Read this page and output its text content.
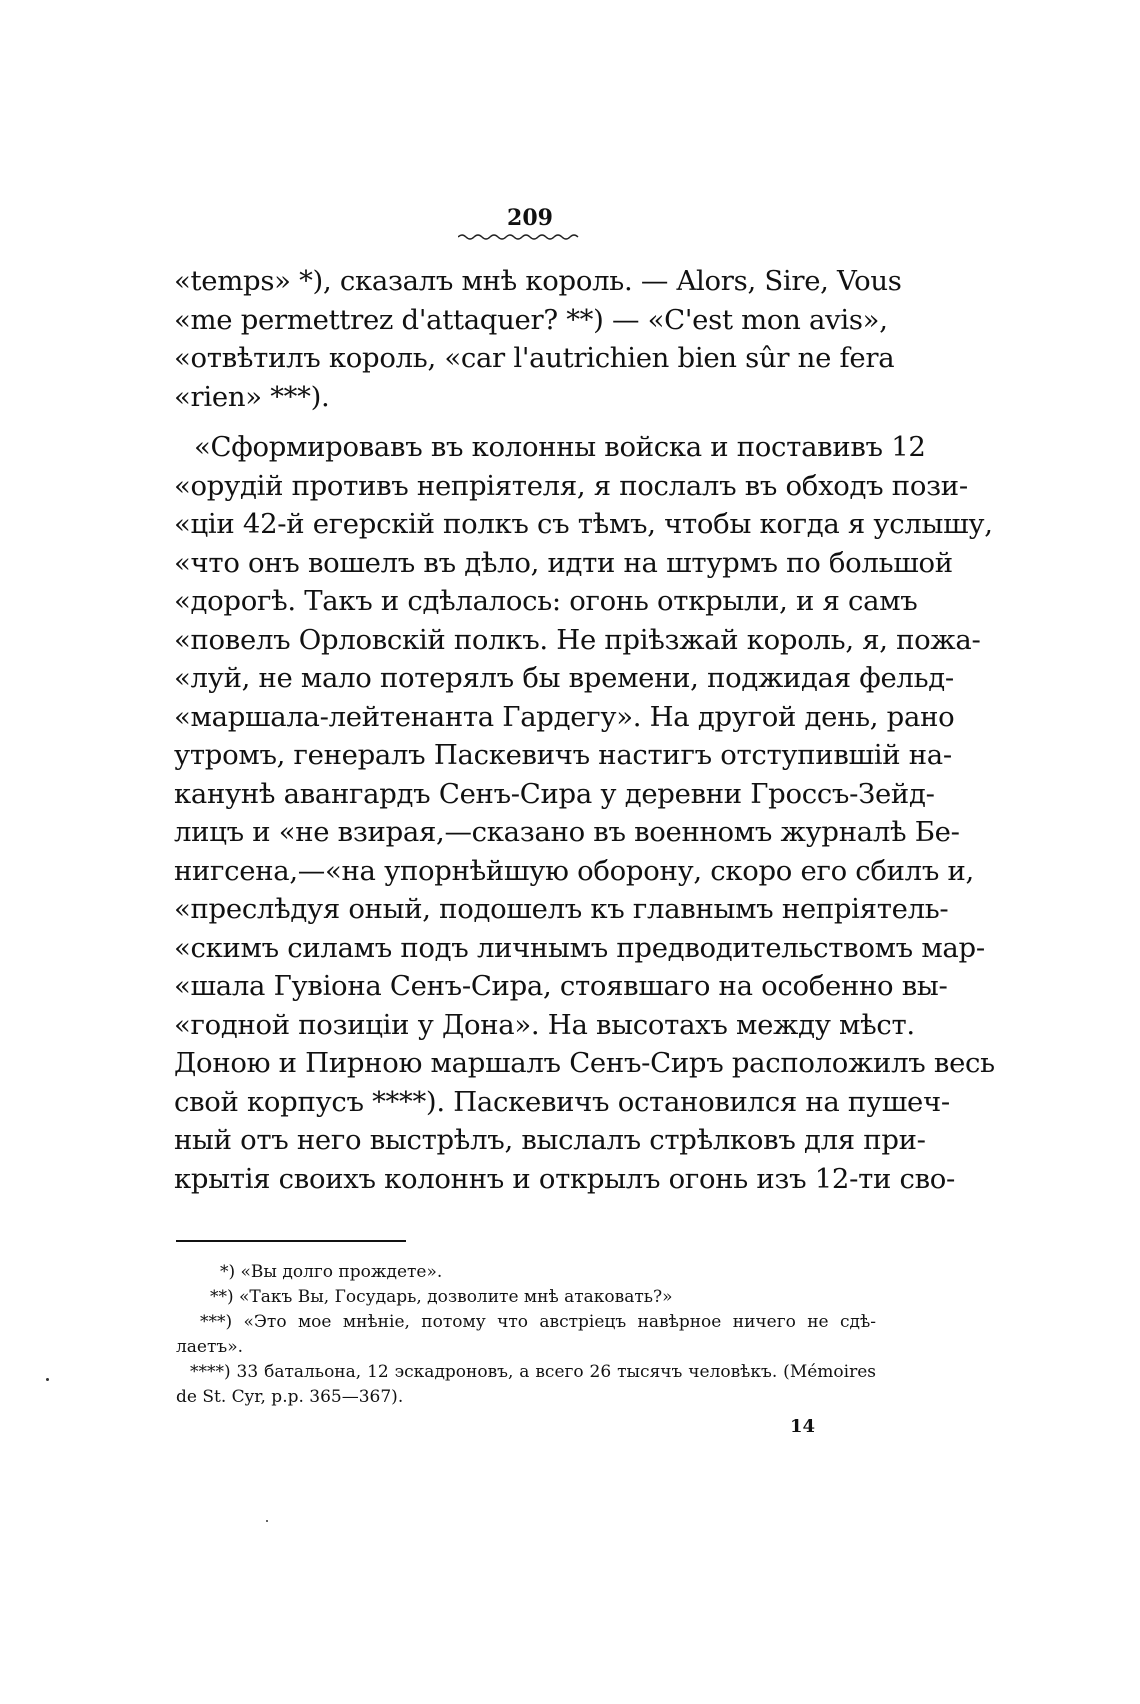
209
«temps» *), сказалъ мнѣ король. — Alors, Sire, Vous
«me permettrez d'attaquer? **) — «C'est mon avis»,
«отвѣтилъ король, «car l'autrichien bien sûr ne fera
«rien» ***).
«Сформировавъ въ колонны войска и поставивъ 12
«орудій противъ непріятеля, я послалъ въ обходъ пози-
«ціи 42-й егерскій полкъ съ тѣмъ, чтобы когда я услышу,
«что онъ вошелъ въ дѣло, идти на штурмъ по большой
«дорогѣ. Такъ и сдѣлалось: огонь открыли, и я самъ
«повелъ Орловскій полкъ. Не пріѣзжай король, я, пожа-
«луй, не мало потерялъ бы времени, поджидая фельд-
«маршала-лейтенанта Гардегу». На другой день, рано
утромъ, генералъ Паскевичъ настигъ отступившій на-
канунѣ авангардъ Сенъ-Сира у деревни Гроссъ-Зейд-
лицъ и «не взирая,—сказано въ военномъ журналѣ Бе-
нигсена,—«на упорнѣйшую оборону, скоро его сбилъ и,
«преслѣдуя оный, подошелъ къ главнымъ непріятель-
«скимъ силамъ подъ личнымъ предводительствомъ мар-
«шала Гувіона Сенъ-Сира, стоявшаго на особенно вы-
«годной позиціи у Дона». На высотахъ между мѣст.
Доною и Пирною маршалъ Сенъ-Сиръ расположилъ весь
свой корпусъ ****). Паскевичъ остановился на пушеч-
ный отъ него выстрѣлъ, выслалъ стрѣлковъ для при-
крытія своихъ колоннъ и открылъ огонь изъ 12-ти сво-
*) «Вы долго прождете».
**) «Такъ Вы, Государь, дозволите мнѣ атаковать?»
***) «Это мое мнѣніе, потому что австріецъ навѣрное ничего не сдѣ-
лаетъ».
****) 33 батальона, 12 эскадроновъ, а всего 26 тысячъ человѣкъ. (Mémoires
de St. Cyr, p.p. 365—367).
14
